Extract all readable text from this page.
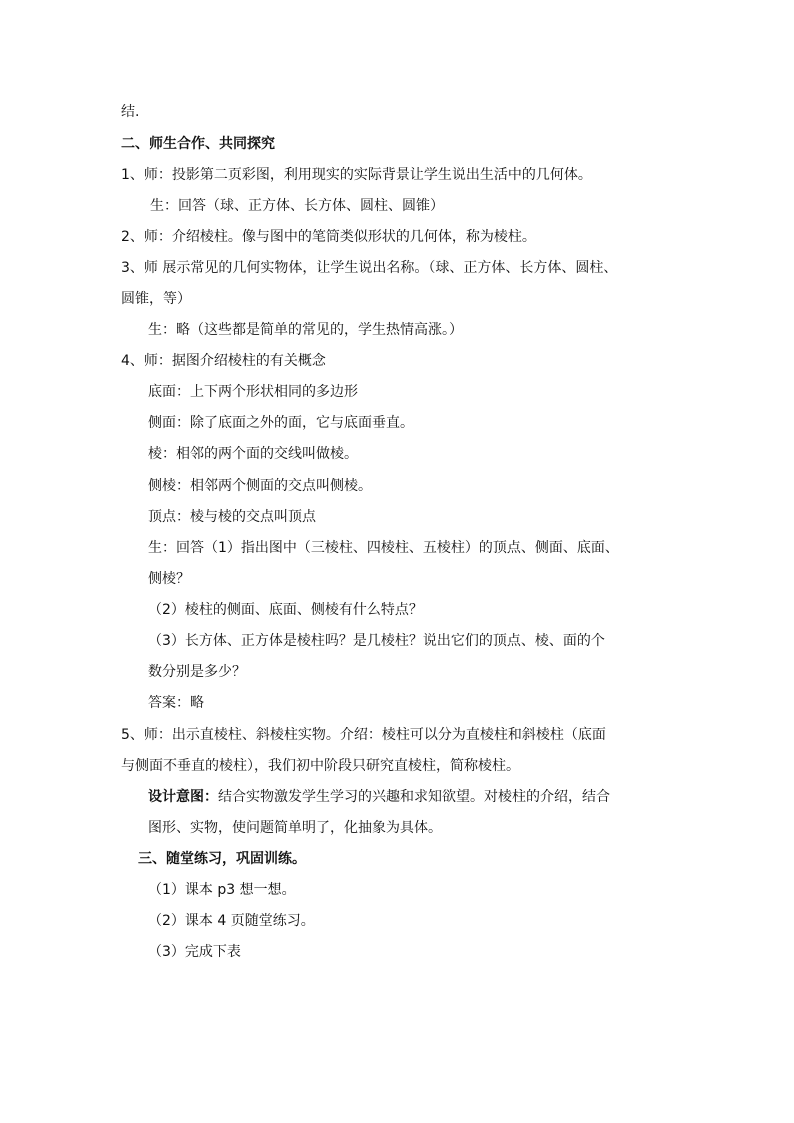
结.
二、师生合作、共同探究
1、师：投影第二页彩图，利用现实的实际背景让学生说出生活中的几何体。
生：回答（球、正方体、长方体、圆柱、圆锥）
2、师：介绍棱柱。像与图中的笔筒类似形状的几何体，称为棱柱。
3、师 展示常见的几何实物体，让学生说出名称。（球、正方体、长方体、圆柱、
圆锥，等）
生：略（这些都是简单的常见的，学生热情高涨。）
4、师：据图介绍棱柱的有关概念
底面：上下两个形状相同的多边形
侧面：除了底面之外的面，它与底面垂直。
棱：相邻的两个面的交线叫做棱。
侧棱：相邻两个侧面的交点叫侧棱。
顶点：棱与棱的交点叫顶点
生：回答（1）指出图中（三棱柱、四棱柱、五棱柱）的顶点、侧面、底面、
侧棱？
（2）棱柱的侧面、底面、侧棱有什么特点？
（3）长方体、正方体是棱柱吗？是几棱柱？说出它们的顶点、棱、面的个
数分别是多少？
答案：略
5、师：出示直棱柱、斜棱柱实物。介绍：棱柱可以分为直棱柱和斜棱柱（底面
与侧面不垂直的棱柱），我们初中阶段只研究直棱柱，简称棱柱。
设计意图：结合实物激发学生学习的兴趣和求知欲望。对棱柱的介绍，结合
图形、实物，使问题简单明了，化抽象为具体。
三、随堂练习，巩固训练。
（1）课本 p3 想一想。
（2）课本 4 页随堂练习。
（3）完成下表
